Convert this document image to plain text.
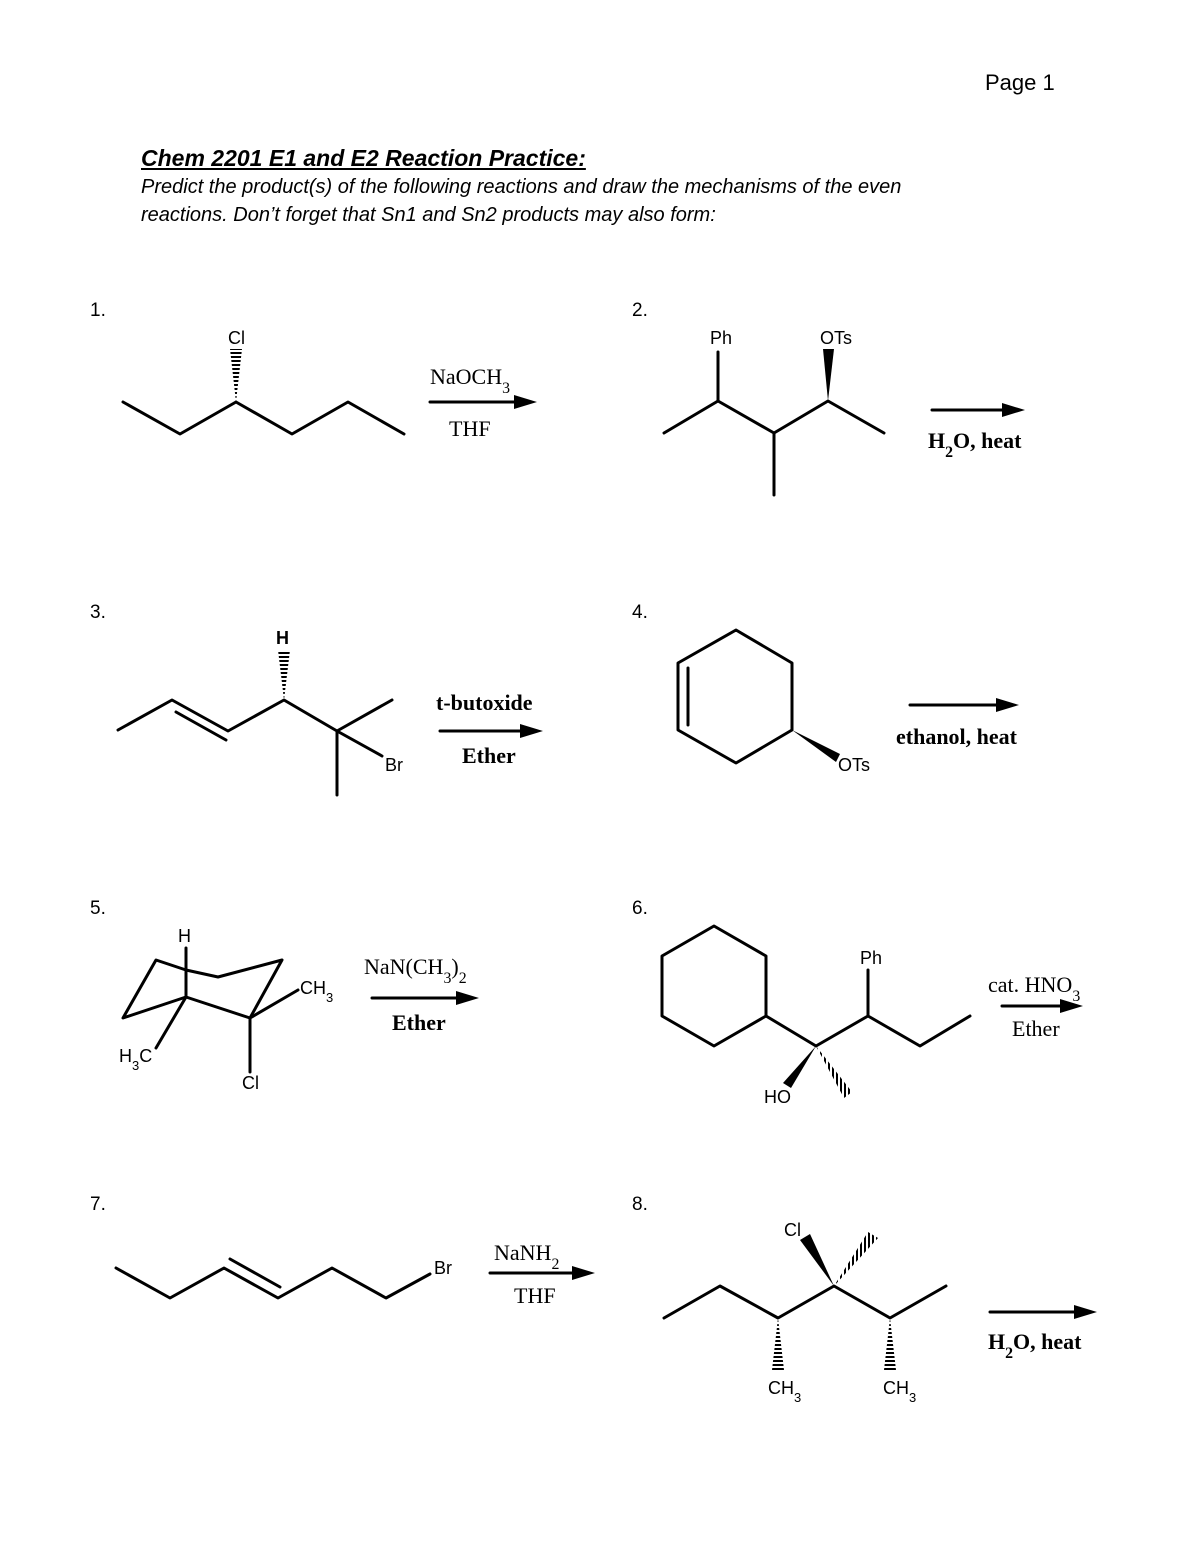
Page 1
Chem 2201 E1 and E2 Reaction Practice:
Predict the product(s) of the following reactions and draw the mechanisms of the even
reactions. Don’t forget that Sn1 and Sn2 products may also form:
1.	2.
3.	4.
5.	6.
7.	8.
Cl	Ph	OTs
H
Br	OTs
H
$CH_3$
$H_3C$
Cl
Ph
HO
Br
Cl
$CH_3$	$CH_3$
NaOCH$_3$
THF	$H_2O$, heat
t-butoxide
Ether
ethanol, heat
$NaN(CH_3)_2$
Ether
cat. $HNO_3$
Ether
NaNH$_2$
THF
$H_2O$, heat
